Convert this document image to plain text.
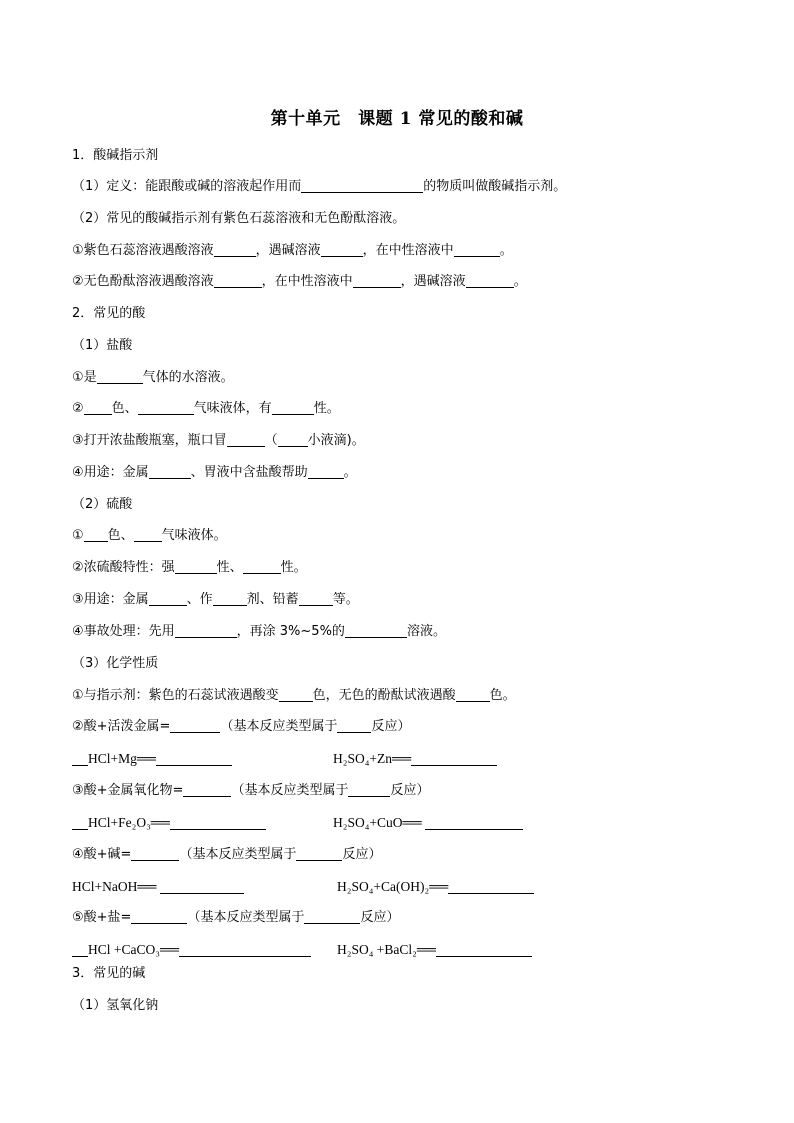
第十单元　课题 1 常见的酸和碱
1．酸碱指示剂
（1）定义：能跟酸或碱的溶液起作用而	的物质叫做酸碱指示剂。
（2）常见的酸碱指示剂有紫色石蕊溶液和无色酚酞溶液。
①紫色石蕊溶液遇酸溶液	，遇碱溶液	，在中性溶液中	。
②无色酚酞溶液遇酸溶液	，在中性溶液中	，遇碱溶液	。
2．常见的酸
（1）盐酸
①是	气体的水溶液。
② 色、	气味液体，有	性。
③打开浓盐酸瓶塞，瓶口冒	（ 小液滴)。
④用途：金属	、胃液中含盐酸帮助	。
（2）硫酸
① 色、 气味液体。
②浓硫酸特性：强	性、	性。
③用途：金属	、作	剂、铅蓄	等。
④事故处理：先用	，再涂 3%~5%的	溶液。
（3）化学性质
①与指示剂：紫色的石蕊试液遇酸变	色，无色的酚酞试液遇酸	色。
②酸+活泼金属=	（基本反应类型属于	反应）
HCl+Mg══	H₂SO₄+Zn══
③酸+金属氧化物=	（基本反应类型属于	反应）
HCl+Fe₂O₃══	H₂SO₄+CuO══
④酸+碱=	（基本反应类型属于	反应）
HCl+NaOH══	H₂SO₄+Ca(OH)₂══
⑤酸+盐=	（基本反应类型属于	反应）
HCl +CaCO₃══	H₂SO₄ +BaCl₂══
3．常见的碱
（1）氢氧化钠
